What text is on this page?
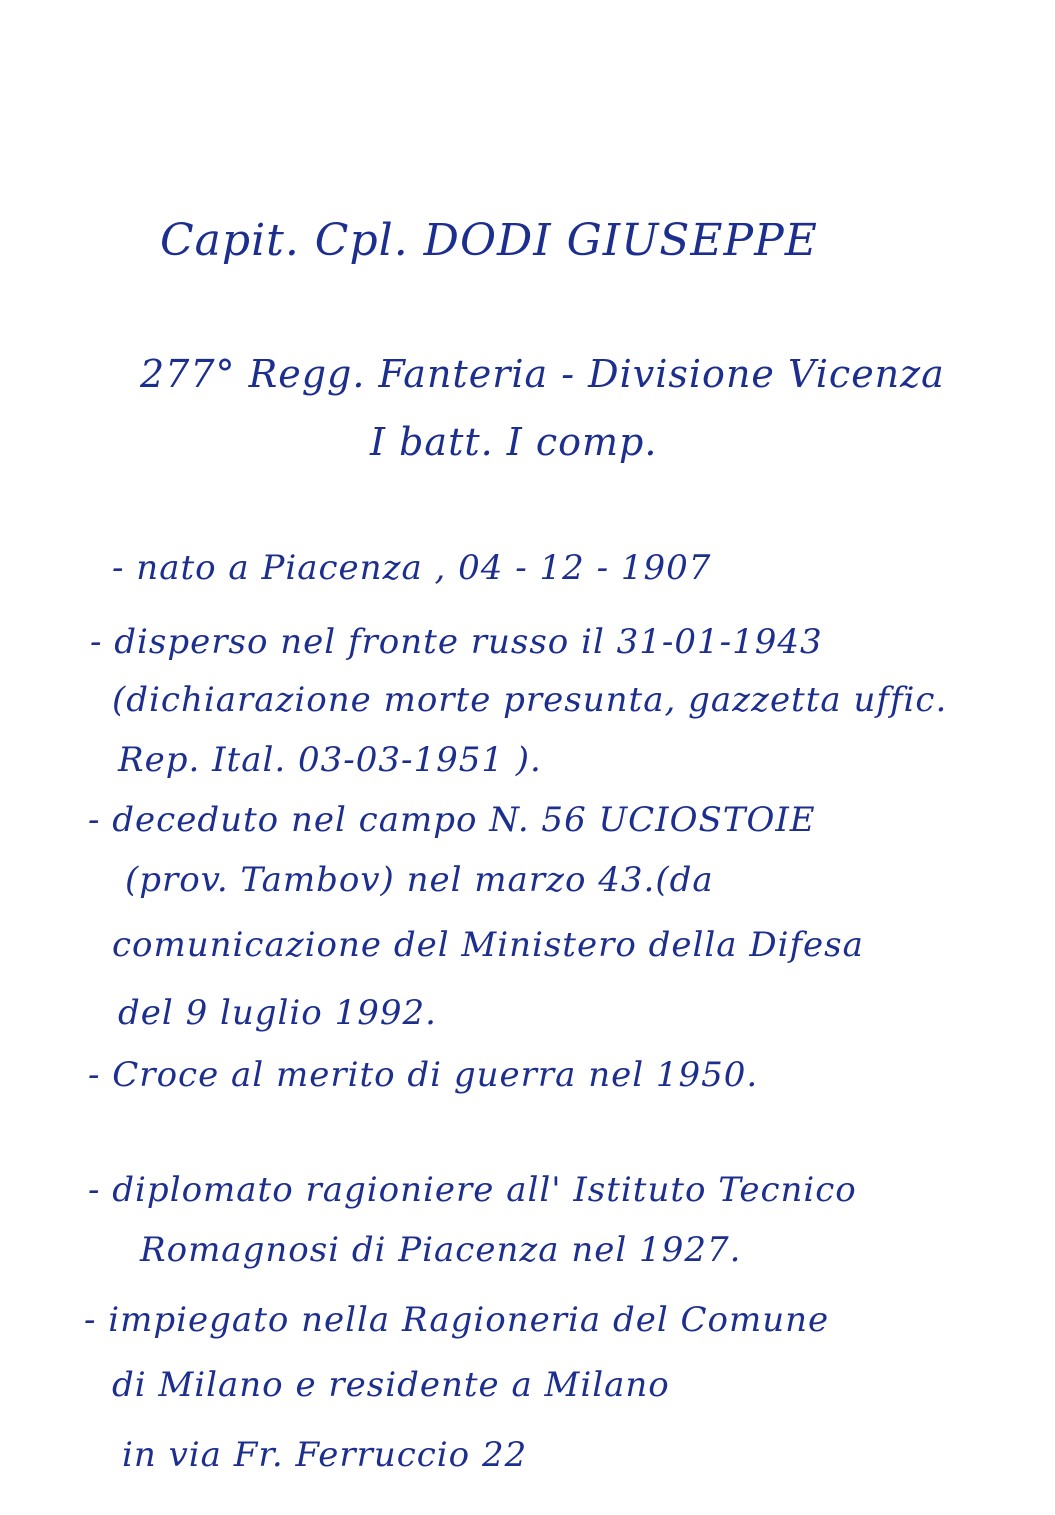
Capit. Cpl. DODI GIUSEPPE
277° Regg. Fanteria - Divisione Vicenza
I batt. I comp.
- nato a Piacenza , 04 - 12 - 1907
- disperso nel fronte russo il 31-01-1943
(dichiarazione morte presunta, gazzetta uffic.
Rep. Ital. 03-03-1951 ).
- deceduto nel campo N. 56 UCIOSTOIE
(prov. Tambov) nel marzo 43.(da
comunicazione del Ministero della Difesa
del 9 luglio 1992.
- Croce al merito di guerra nel 1950.
- diplomato ragioniere all' Istituto Tecnico
Romagnosi di Piacenza nel 1927.
- impiegato nella Ragioneria del Comune
di Milano e residente a Milano
in via Fr. Ferruccio 22
